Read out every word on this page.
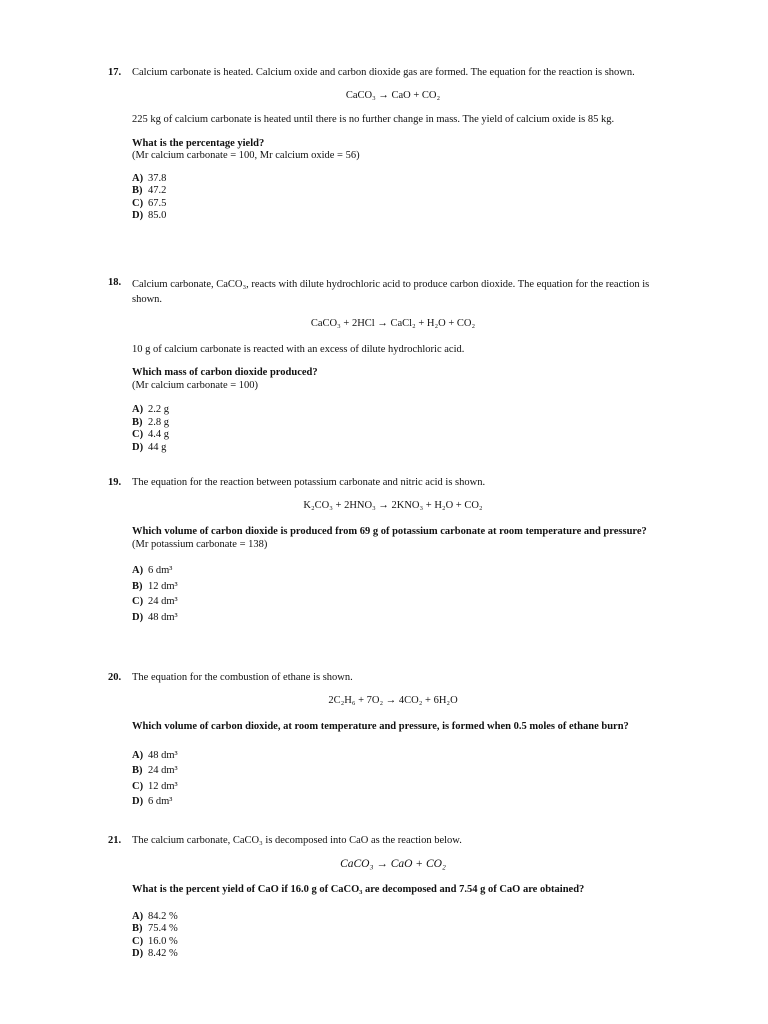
17. Calcium carbonate is heated. Calcium oxide and carbon dioxide gas are formed. The equation for the reaction is shown.
CaCO₃ → CaO + CO₂
225 kg of calcium carbonate is heated until there is no further change in mass. The yield of calcium oxide is 85 kg.
What is the percentage yield?
(Mr calcium carbonate = 100, Mr calcium oxide = 56)
A) 37.8
B) 47.2
C) 67.5
D) 85.0
18. Calcium carbonate, CaCO₃, reacts with dilute hydrochloric acid to produce carbon dioxide. The equation for the reaction is shown.
CaCO₃ + 2HCl → CaCl₂ + H₂O + CO₂
10 g of calcium carbonate is reacted with an excess of dilute hydrochloric acid.
Which mass of carbon dioxide produced?
(Mr calcium carbonate = 100)
A) 2.2 g
B) 2.8 g
C) 4.4 g
D) 44 g
19. The equation for the reaction between potassium carbonate and nitric acid is shown.
K₂CO₃ + 2HNO₃ → 2KNO₃ + H₂O + CO₂
Which volume of carbon dioxide is produced from 69 g of potassium carbonate at room temperature and pressure?
(Mr potassium carbonate = 138)
A) 6 dm³
B) 12 dm³
C) 24 dm³
D) 48 dm³
20. The equation for the combustion of ethane is shown.
2C₂H₆ + 7O₂ → 4CO₂ + 6H₂O
Which volume of carbon dioxide, at room temperature and pressure, is formed when 0.5 moles of ethane burn?
A) 48 dm³
B) 24 dm³
C) 12 dm³
D) 6 dm³
21. The calcium carbonate, CaCO₃ is decomposed into CaO as the reaction below.
CaCO₃ → CaO + CO₂
What is the percent yield of CaO if 16.0 g of CaCO₃ are decomposed and 7.54 g of CaO are obtained?
A) 84.2 %
B) 75.4 %
C) 16.0 %
D) 8.42 %
